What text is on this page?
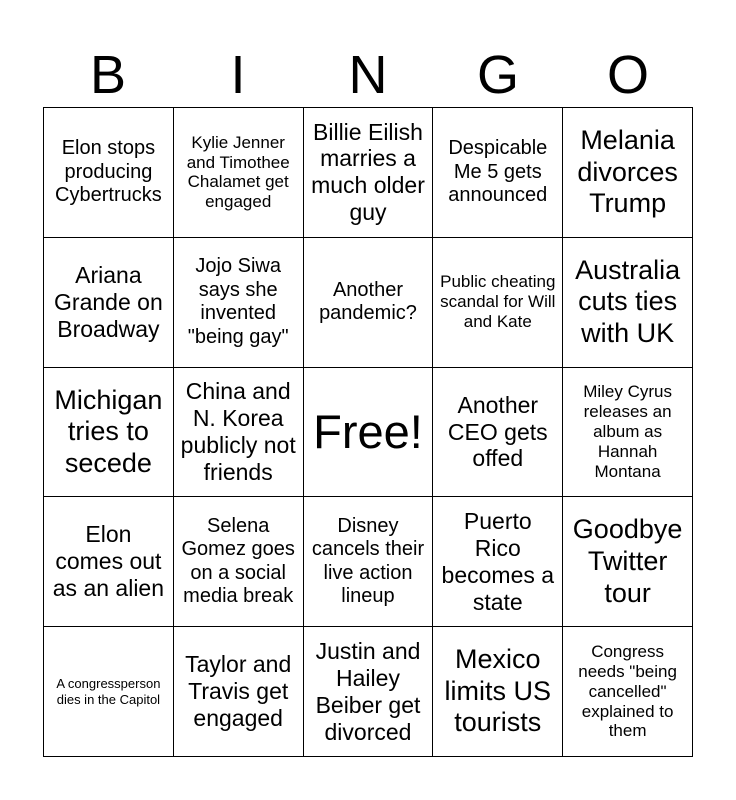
B	I	N	G	O
Elon stops producing Cybertrucks
Kylie Jenner and Timothee Chalamet get engaged
Billie Eilish marries a much older guy
Despicable Me 5 gets announced
Melania divorces Trump
Ariana Grande on Broadway
Jojo Siwa says she invented "being gay"
Another pandemic?
Public cheating scandal for Will and Kate
Australia cuts ties with UK
Michigan tries to secede
China and N. Korea publicly not friends
Free!
Another CEO gets offed
Miley Cyrus releases an album as Hannah Montana
Elon comes out as an alien
Selena Gomez goes on a social media break
Disney cancels their live action lineup
Puerto Rico becomes a state
Goodbye Twitter tour
A congressperson dies in the Capitol
Taylor and Travis get engaged
Justin and Hailey Beiber get divorced
Mexico limits US tourists
Congress needs "being cancelled" explained to them
